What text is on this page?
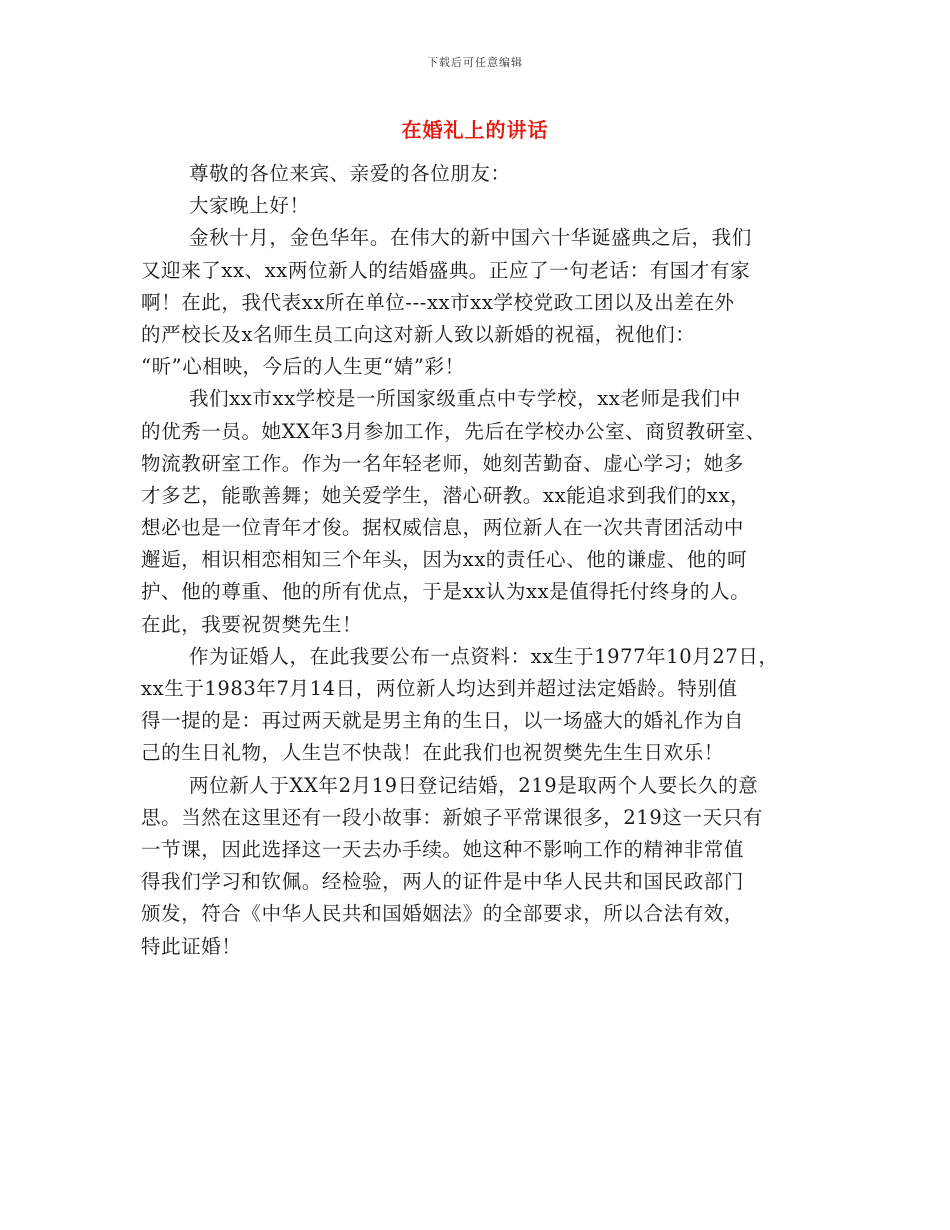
下载后可任意编辑
在婚礼上的讲话
尊敬的各位来宾、亲爱的各位朋友：
大家晚上好！
金秋十月，金色华年。在伟大的新中国六十华诞盛典之后，我们
又迎来了xx、xx两位新人的结婚盛典。正应了一句老话：有国才有家
啊！在此，我代表xx所在单位---xx市xx学校党政工团以及出差在外
的严校长及x名师生员工向这对新人致以新婚的祝福，祝他们：
“昕”心相映，今后的人生更“婧”彩！
我们xx市xx学校是一所国家级重点中专学校，xx老师是我们中
的优秀一员。她XX年3月参加工作，先后在学校办公室、商贸教研室、
物流教研室工作。作为一名年轻老师，她刻苦勤奋、虚心学习；她多
才多艺，能歌善舞；她关爱学生，潜心研教。xx能追求到我们的xx，
想必也是一位青年才俊。据权威信息，两位新人在一次共青团活动中
邂逅，相识相恋相知三个年头，因为xx的责任心、他的谦虚、他的呵
护、他的尊重、他的所有优点，于是xx认为xx是值得托付终身的人。
在此，我要祝贺樊先生！
作为证婚人，在此我要公布一点资料：xx生于1977年10月27日，
xx生于1983年7月14日，两位新人均达到并超过法定婚龄。特别值
得一提的是：再过两天就是男主角的生日，以一场盛大的婚礼作为自
己的生日礼物，人生岂不快哉！在此我们也祝贺樊先生生日欢乐！
两位新人于XX年2月19日登记结婚，219是取两个人要长久的意
思。当然在这里还有一段小故事：新娘子平常课很多，219这一天只有
一节课，因此选择这一天去办手续。她这种不影响工作的精神非常值
得我们学习和钦佩。经检验，两人的证件是中华人民共和国民政部门
颁发，符合《中华人民共和国婚姻法》的全部要求，所以合法有效，
特此证婚！
